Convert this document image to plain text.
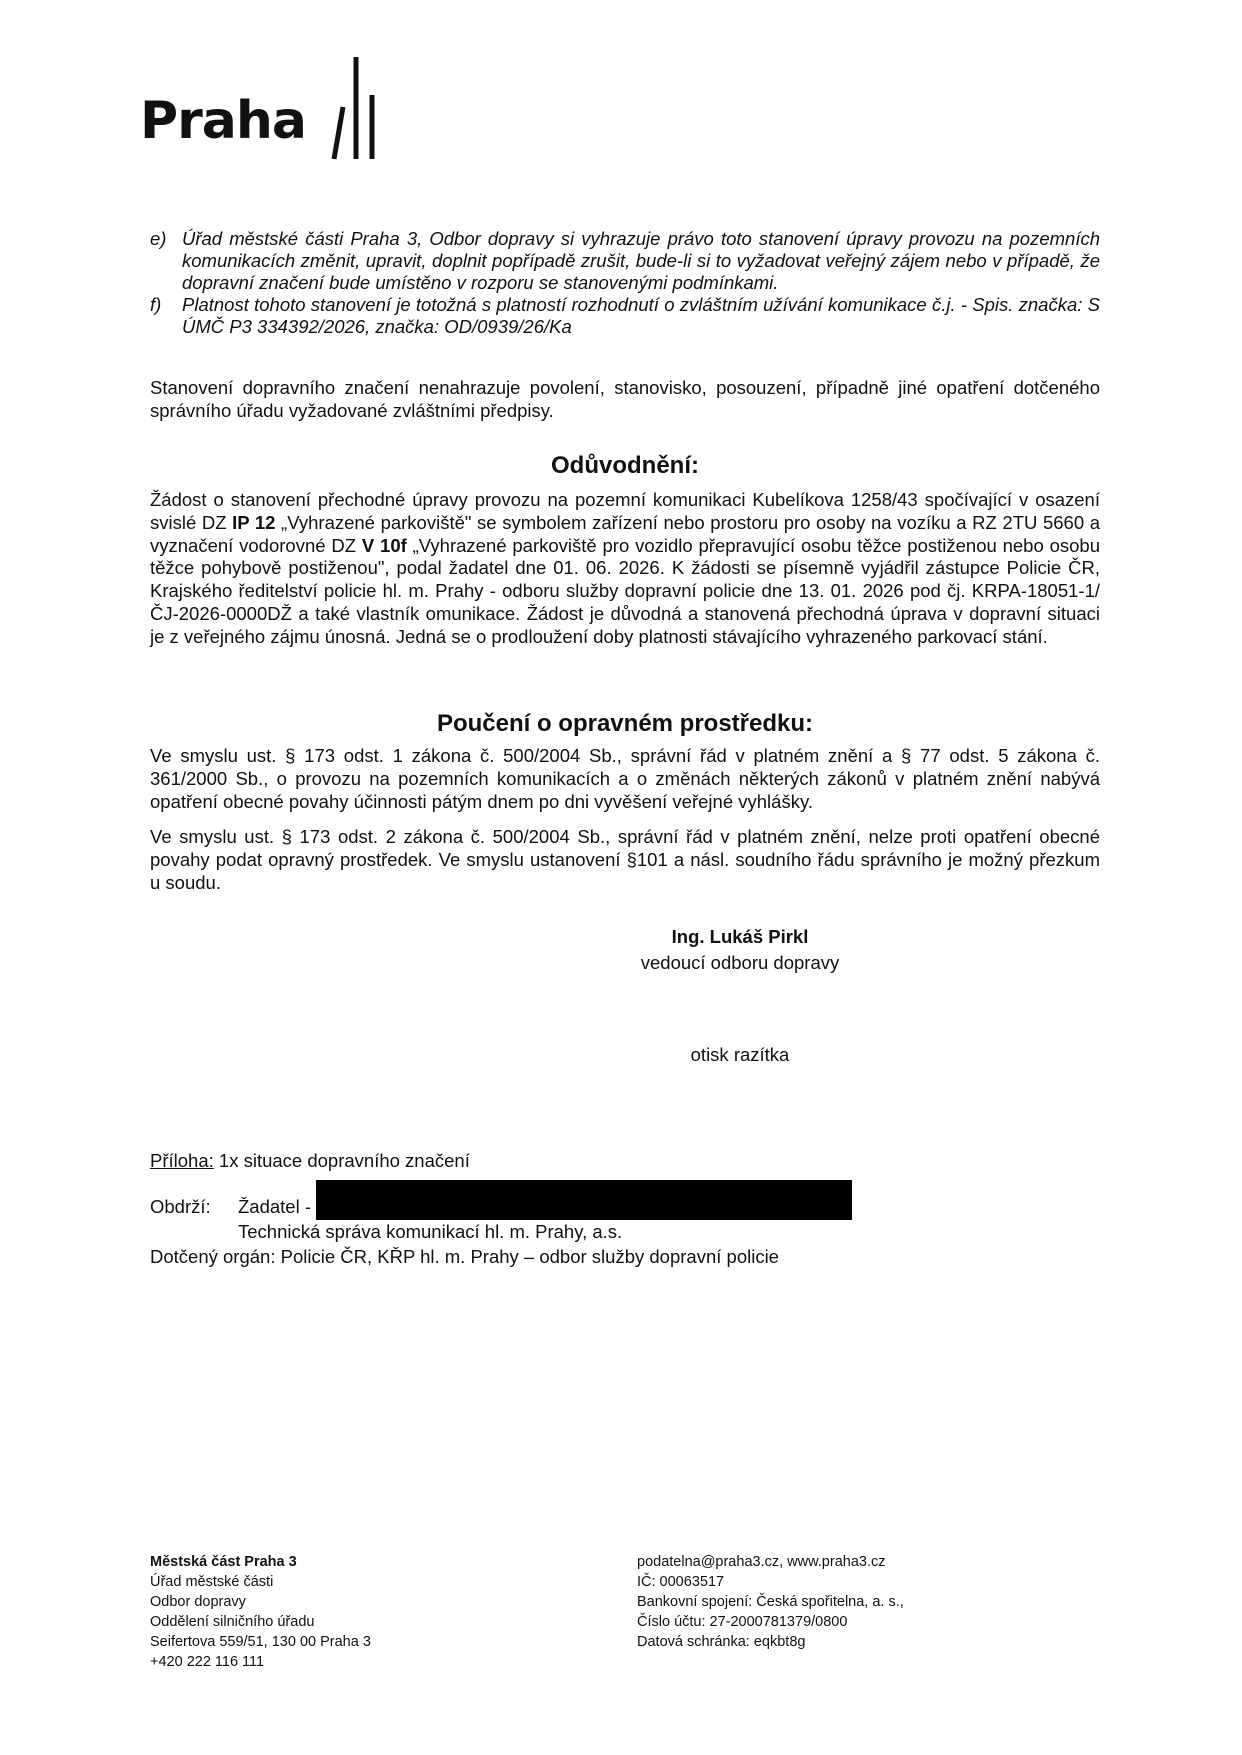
Praha
e) Úřad městské části Praha 3, Odbor dopravy si vyhrazuje právo toto stanovení úpravy provozu na pozemních komunikacích změnit, upravit, doplnit popřípadě zrušit, bude-li si to vyžadovat veřejný zájem nebo v případě, že dopravní značení bude umístěno v rozporu se stanovenými podmínkami.
f)	Platnost tohoto stanovení je totožná s platností rozhodnutí o zvláštním užívání komunikace č.j. - Spis. značka: S ÚMČ P3 334392/2026, značka: OD/0939/26/Ka
Stanovení dopravního značení nenahrazuje povolení, stanovisko, posouzení, případně jiné opatření dotčeného správního úřadu vyžadované zvláštními předpisy.
Odůvodnění:
Žádost o stanovení přechodné úpravy provozu na pozemní komunikaci Kubelíkova 1258/43 spočívající v osazení svislé DZ IP 12 „Vyhrazené parkoviště" se symbolem zařízení nebo prostoru pro osoby na vozíku a RZ 2TU 5660 a vyznačení vodorovné DZ V 10f „Vyhrazené parkoviště pro vozidlo přepravující osobu těžce postiženou nebo osobu těžce pohybově postiženou", podal žadatel dne 01. 06. 2026. K žádosti se písemně vyjádřil zástupce Policie ČR, Krajského ředitelství policie hl. m. Prahy - odboru služby dopravní policie dne 13. 01. 2026 pod čj. KRPA-18051-1/ČJ-2026-0000DŽ a také vlastník omunikace. Žádost je důvodná a stanovená přechodná úprava v dopravní situaci je z veřejného zájmu únosná. Jedná se o prodloužení doby platnosti stávajícího vyhrazeného parkovací stání.
Poučení o opravném prostředku:
Ve smyslu ust. § 173 odst. 1 zákona č. 500/2004 Sb., správní řád v platném znění a § 77 odst. 5 zákona č. 361/2000 Sb., o provozu na pozemních komunikacích a o změnách některých zákonů v platném znění nabývá opatření obecné povahy účinnosti pátým dnem po dni vyvěšení veřejné vyhlášky.
Ve smyslu ust. § 173 odst. 2 zákona č. 500/2004 Sb., správní řád v platném znění, nelze proti opatření obecné povahy podat opravný prostředek. Ve smyslu ustanovení §101 a násl. soudního řádu správního je možný přezkum u soudu.
Ing. Lukáš Pirkl
vedoucí odboru dopravy
otisk razítka
Příloha: 1x situace dopravního značení
Obdrží: Žadatel -
Technická správa komunikací hl. m. Prahy, a.s.
Dotčený orgán: Policie ČR, KŘP hl. m. Prahy – odbor služby dopravní policie
Městská část Praha 3
Úřad městské části
Odbor dopravy
Oddělení silničního úřadu
Seifertova 559/51, 130 00 Praha 3
+420 222 116 111
podatelna@praha3.cz, www.praha3.cz
IČ: 00063517
Bankovní spojení: Česká spořitelna, a. s.,
Číslo účtu: 27-2000781379/0800
Datová schránka: eqkbt8g
